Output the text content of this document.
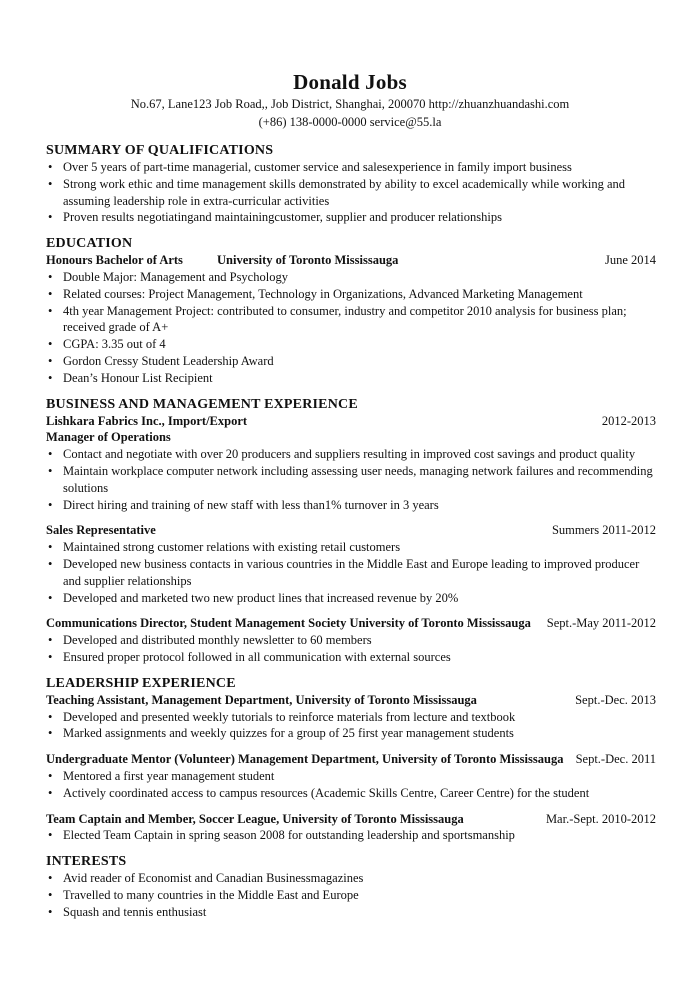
Donald Jobs
No.67, Lane123 Job Road,, Job District, Shanghai, 200070 http://zhuanzhuandashi.com
(+86) 138-0000-0000 service@55.la
SUMMARY OF QUALIFICATIONS
• Over 5 years of part-time managerial, customer service and salesexperience in family import business
• Strong work ethic and time management skills demonstrated by ability to excel academically while working and assuming leadership role in extra-curricular activities
• Proven results negotiatingand maintainingcustomer, supplier and producer relationships
EDUCATION
Honours Bachelor of Arts	University of Toronto Mississauga	June 2014
• Double Major: Management and Psychology
• Related courses: Project Management, Technology in Organizations, Advanced Marketing Management
• 4th year Management Project: contributed to consumer, industry and competitor 2010 analysis for business plan; received grade of A+
• CGPA: 3.35 out of 4
• Gordon Cressy Student Leadership Award
• Dean’s Honour List Recipient
BUSINESS AND MANAGEMENT EXPERIENCE
Lishkara Fabrics Inc., Import/Export	2012-2013
Manager of Operations
• Contact and negotiate with over 20 producers and suppliers resulting in improved cost savings and product quality
• Maintain workplace computer network including assessing user needs, managing network failures and recommending solutions
• Direct hiring and training of new staff with less than1% turnover in 3 years
Sales Representative	Summers 2011-2012
• Maintained strong customer relations with existing retail customers
• Developed new business contacts in various countries in the Middle East and Europe leading to improved producer and supplier relationships
• Developed and marketed two new product lines that increased revenue by 20%
Communications Director, Student Management Society University of Toronto Mississauga Sept.-May 2011-2012
• Developed and distributed monthly newsletter to 60 members
• Ensured proper protocol followed in all communication with external sources
LEADERSHIP EXPERIENCE
Teaching Assistant, Management Department, University of Toronto Mississauga	Sept.-Dec. 2013
• Developed and presented weekly tutorials to reinforce materials from lecture and textbook
• Marked assignments and weekly quizzes for a group of 25 first year management students
Undergraduate Mentor (Volunteer) Management Department, University of Toronto Mississauga Sept.-Dec. 2011
• Mentored a first year management student
• Actively coordinated access to campus resources (Academic Skills Centre, Career Centre) for the student
Team Captain and Member, Soccer League, University of Toronto Mississauga	Mar.-Sept. 2010-2012
• Elected Team Captain in spring season 2008 for outstanding leadership and sportsmanship
INTERESTS
• Avid reader of Economist and Canadian Businessmagazines
• Travelled to many countries in the Middle East and Europe
• Squash and tennis enthusiast
